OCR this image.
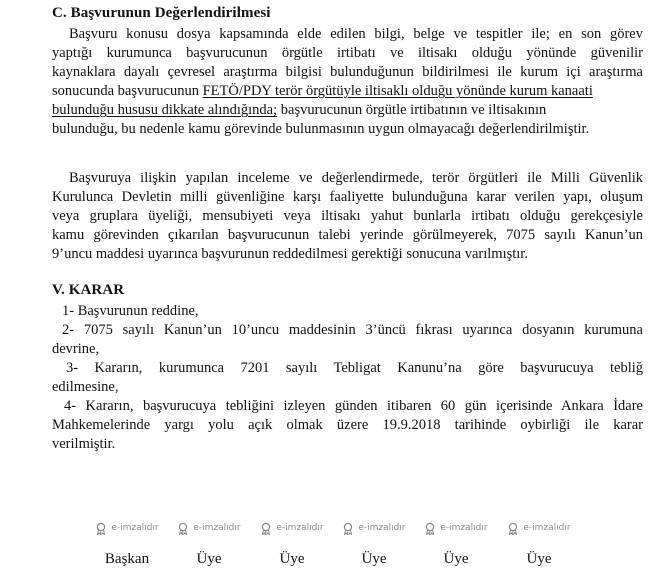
C. Başvurunun Değerlendirilmesi
Başvuru konusu dosya kapsamında elde edilen bilgi, belge ve tespitler ile; en son görev
yaptığı kurumunca başvurucunun örgütle irtibatı ve iltisakı olduğu yönünde güvenilir
kaynaklara dayalı çevresel araştırma bilgisi bulunduğunun bildirilmesi ile kurum içi araştırma
sonucunda başvurucunun FETÖ/PDY terör örgütüyle iltisaklı olduğu yönünde kurum kanaati
bulunduğu hususu dikkate alındığında; başvurucunun örgütle irtibatının ve iltisakının
bulunduğu, bu nedenle kamu görevinde bulunmasının uygun olmayacağı değerlendirilmiştir.
Başvuruya ilişkin yapılan inceleme ve değerlendirmede, terör örgütleri ile Milli Güvenlik
Kurulunca Devletin milli güvenliğine karşı faaliyette bulunduğuna karar verilen yapı, oluşum
veya gruplara üyeliği, mensubiyeti veya iltisakı yahut bunlarla irtibatı olduğu gerekçesiyle
kamu görevinden çıkarılan başvurucunun talebi yerinde görülmeyerek, 7075 sayılı Kanun’un
9’uncu maddesi uyarınca başvurunun reddedilmesi gerektiği sonucuna varılmıştır.
V. KARAR
1- Başvurunun reddine,
2- 7075 sayılı Kanun’un 10’uncu maddesinin 3’üncü fıkrası uyarınca dosyanın kurumuna
devrine,
3- Kararın, kurumunca 7201 sayılı Tebligat Kanunu’na göre başvurucuya tebliğ
edilmesine,
4- Kararın, başvurucuya tebliğini izleyen günden itibaren 60 gün içerisinde Ankara İdare
Mahkemelerinde yargı yolu açık olmak üzere 19.9.2018 tarihinde oybirliği ile karar
verilmiştir.
e-imzalıdır
Başkan
e-imzalıdır
Üye
e-imzalıdır
Üye
e-imzalıdır
Üye
e-imzalıdır
Üye
e-imzalıdır
Üye
